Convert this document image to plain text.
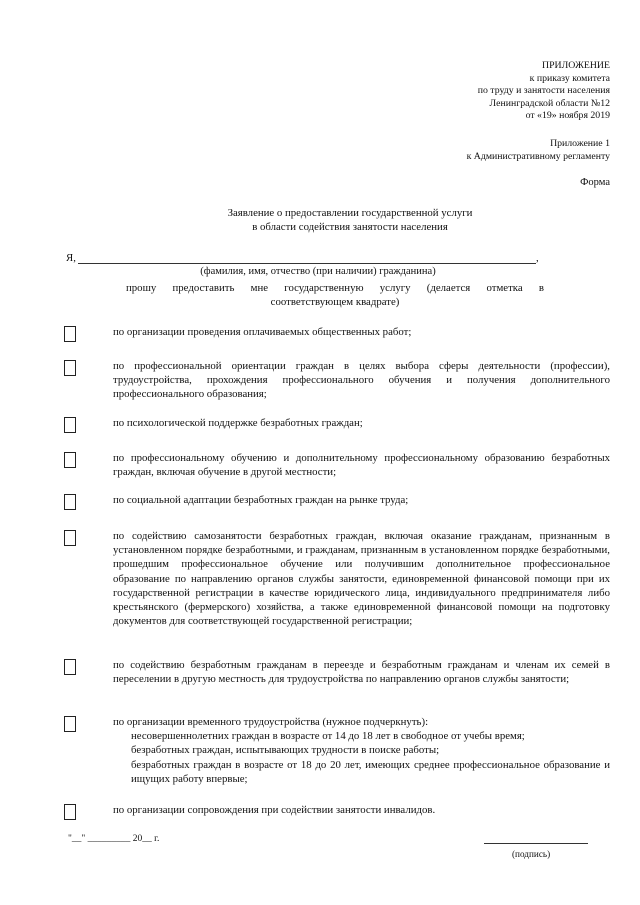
ПРИЛОЖЕНИЕ
к приказу комитета
по труду и занятости населения
Ленинградской области №12
от «19» ноября 2019
Приложение 1
к Административному регламенту
Форма
Заявление о предоставлении государственной услуги
в области содействия занятости населения
Я,	,
(фамилия, имя, отчество (при наличии) гражданина)
прошу предоставить мне государственную услугу (делается отметка в
соответствующем квадрате)
по организации проведения оплачиваемых общественных работ;
по профессиональной ориентации граждан в целях выбора сферы деятельности (профессии), трудоустройства, прохождения профессионального обучения и получения дополнительного профессионального образования;
по психологической поддержке безработных граждан;
по профессиональному обучению и дополнительному профессиональному образованию безработных граждан, включая обучение в другой местности;
по социальной адаптации безработных граждан на рынке труда;
по содействию самозанятости безработных граждан, включая оказание гражданам, признанным в установленном порядке безработными, и гражданам, признанным в установленном порядке безработными, прошедшим профессиональное обучение или получившим дополнительное профессиональное образование по направлению органов службы занятости, единовременной финансовой помощи при их государственной регистрации в качестве юридического лица, индивидуального предпринимателя либо крестьянского (фермерского) хозяйства, а также единовременной финансовой помощи на подготовку документов для соответствующей государственной регистрации;
по содействию безработным гражданам в переезде и безработным гражданам и членам их семей в переселении в другую местность для трудоустройства по направлению органов службы занятости;
по организации временного трудоустройства (нужное подчеркнуть):
несовершеннолетних граждан в возрасте от 14 до 18 лет в свободное от учебы время;
безработных граждан, испытывающих трудности в поиске работы;
безработных граждан в возрасте от 18 до 20 лет, имеющих среднее профессиональное образование и ищущих работу впервые;
по организации сопровождения при содействии занятости инвалидов.
"__" _________ 20__ г.
(подпись)
